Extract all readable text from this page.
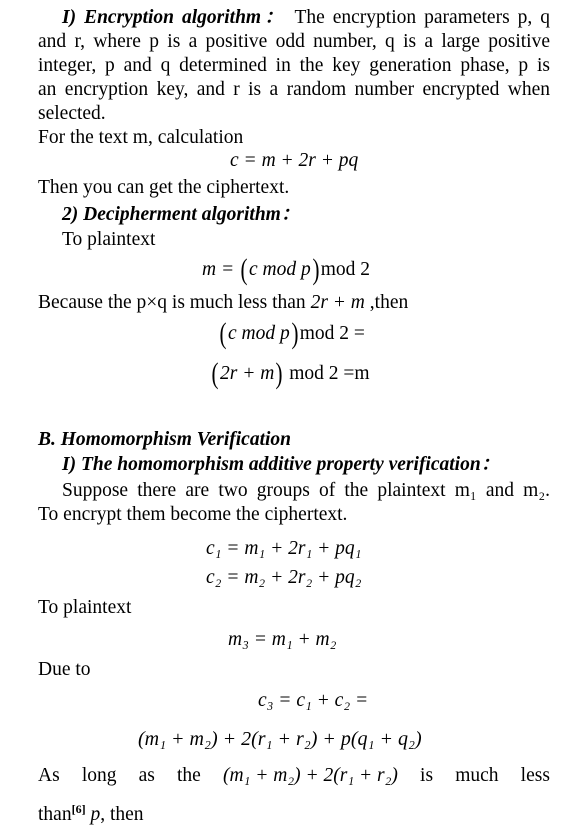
I) Encryption algorithm： The encryption parameters p, q
and r, where p is a positive odd number, q is a large positive
integer, p and q determined in the key generation phase, p is
an encryption key, and r is a random number encrypted when
selected.
For the text m, calculation
c = m + 2r + pq
Then you can get the ciphertext.
2) Decipherment algorithm：
To plaintext
m = (c mod p)mod 2
Because the p×q is much less than 2r + m ,then
(c mod p)mod 2 =
(2r + m) mod 2 =m
B. Homomorphism Verification
I) The homomorphism additive property verification：
Suppose there are two groups of the plaintext m₁ and m₂.
To encrypt them become the ciphertext.
c₁ = m₁ + 2r₁ + pq₁
c₂ = m₂ + 2r₂ + pq₂
To plaintext
m₃ = m₁ + m₂
Due to
c₃ = c₁ + c₂ =
(m₁ + m₂) + 2(r₁ + r₂) + p(q₁ + q₂)
As long as the (m₁ + m₂) + 2(r₁ + r₂) is much less
than[6] p, then
